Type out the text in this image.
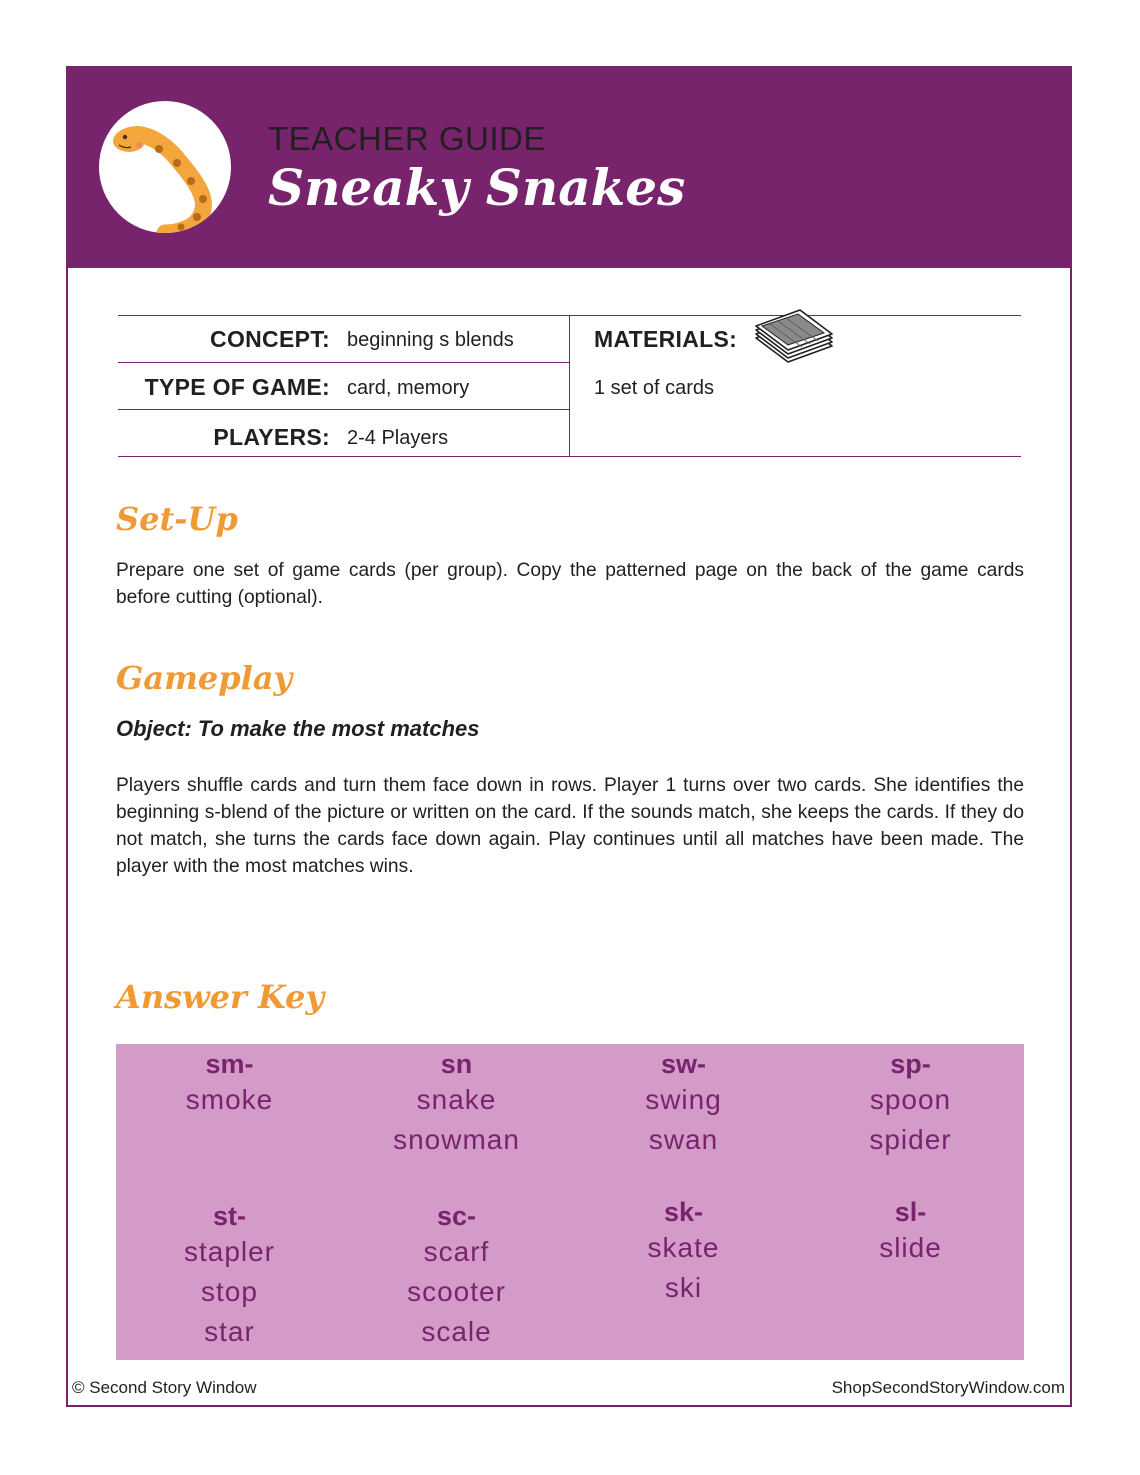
TEACHER GUIDE
Sneaky Snakes
CONCEPT: beginning s blends
TYPE OF GAME: card, memory
PLAYERS: 2-4 Players
MATERIALS:
1 set of cards
Set-Up
Prepare one set of game cards (per group). Copy the patterned page on the back of the game cards before cutting (optional).
Gameplay
Object: To make the most matches
Players shuffle cards and turn them face down in rows. Player 1 turns over two cards. She identifies the beginning s-blend of the picture or written on the card. If the sounds match, she keeps the cards. If they do not match, she turns the cards face down again. Play continues until all matches have been made. The player with the most matches wins.
Answer Key
sm-
smoke
sn
snake
snowman
sw-
swing
swan
sp-
spoon
spider
st-
stapler
stop
star
sc-
scarf
scooter
scale
sk-
skate
ski
sl-
slide
© Second Story Window	ShopSecondStoryWindow.com
